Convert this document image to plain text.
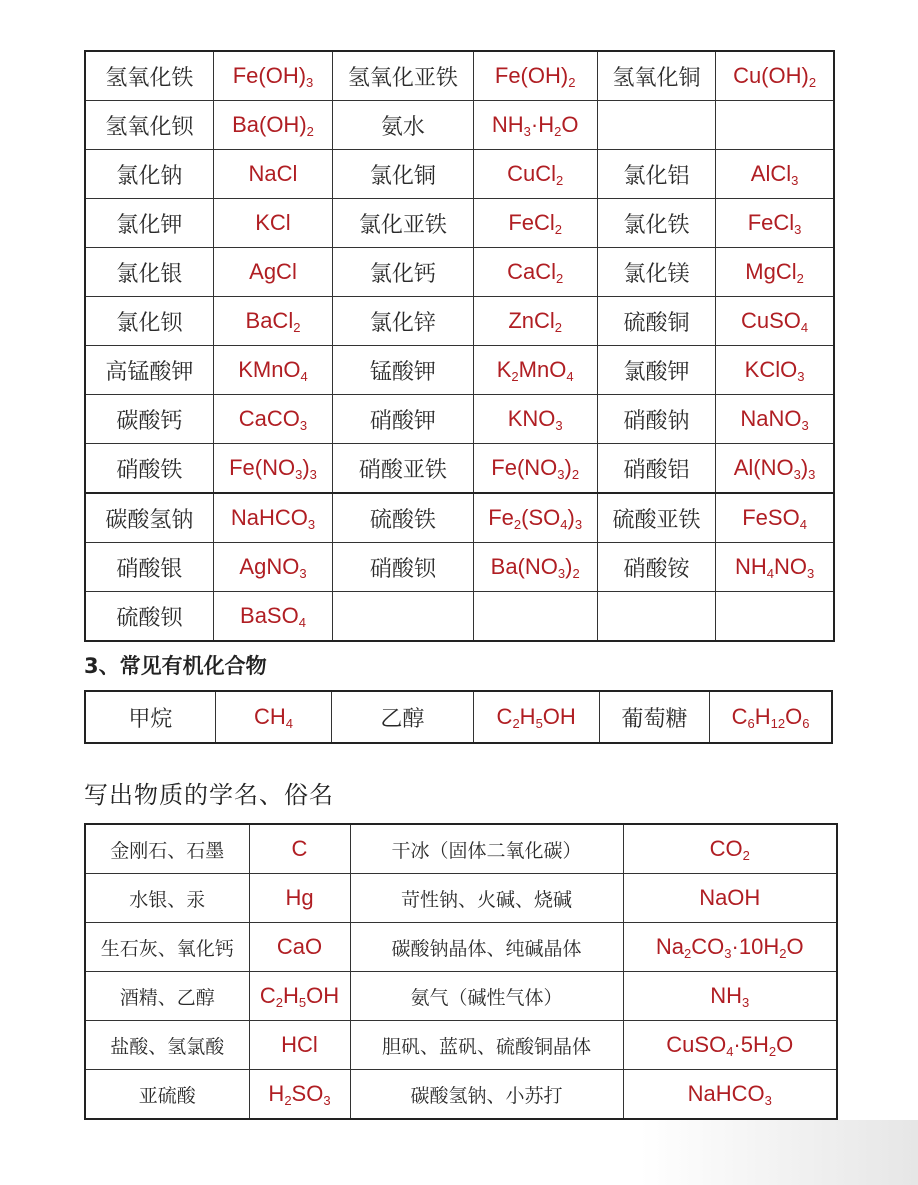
氢氧化铁	$Fe(OH)_3$	氢氧化亚铁	$Fe(OH)_2$	氢氧化铜	$Cu(OH)_2$
氢氧化钡	$Ba(OH)_2$	氨水	$NH_3\cdot H_2O$		
氯化钠	NaCl	氯化铜	CuCl$_2$	氯化铝	AlCl$_3$
氯化钾	KCl	氯化亚铁	FeCl$_2$	氯化铁	FeCl$_3$
氯化银	AgCl	氯化钙	CaCl$_2$	氯化镁	MgCl$_2$
氯化钡	BaCl$_2$	氯化锌	ZnCl$_2$	硫酸铜	CuSO$_4$
高锰酸钾	KMnO$_4$	锰酸钾	$K_2MnO_4$	氯酸钾	KClO$_3$
碳酸钙	CaCO$_3$	硝酸钾	$KNO_3$	硝酸钠	NaNO$_3$
硝酸铁	$Fe(NO_3)_3$	硝酸亚铁	$Fe(NO_3)_2$	硝酸铝	$Al(NO_3)_3$
碳酸氢钠	NaHCO$_3$	硫酸铁	$Fe_2(SO_4)_3$	硫酸亚铁	FeSO$_4$
硝酸银	AgNO$_3$	硝酸钡	$Ba(NO_3)_2$	硝酸铵	$NH_4NO_3$
硫酸钡	BaSO$_4$				
3、常见有机化合物
甲烷	$CH_4$	乙醇	$C_2H_5OH$	葡萄糖	$C_6H_{12}O_6$
写出物质的学名、俗名
金刚石、石墨	C	干冰（固体二氧化碳）	$CO_2$
水银、汞	Hg	苛性钠、火碱、烧碱	NaOH
生石灰、氧化钙	CaO	碳酸钠晶体、纯碱晶体	$Na_2CO_3\cdot 10H_2O$
酒精、乙醇	$C_2H_5OH$	氨气（碱性气体）	$NH_3$
盐酸、氢氯酸	HCl	胆矾、蓝矾、硫酸铜晶体	$CuSO_4\cdot 5H_2O$
亚硫酸	$H_2SO_3$	碳酸氢钠、小苏打	NaHCO$_3$
